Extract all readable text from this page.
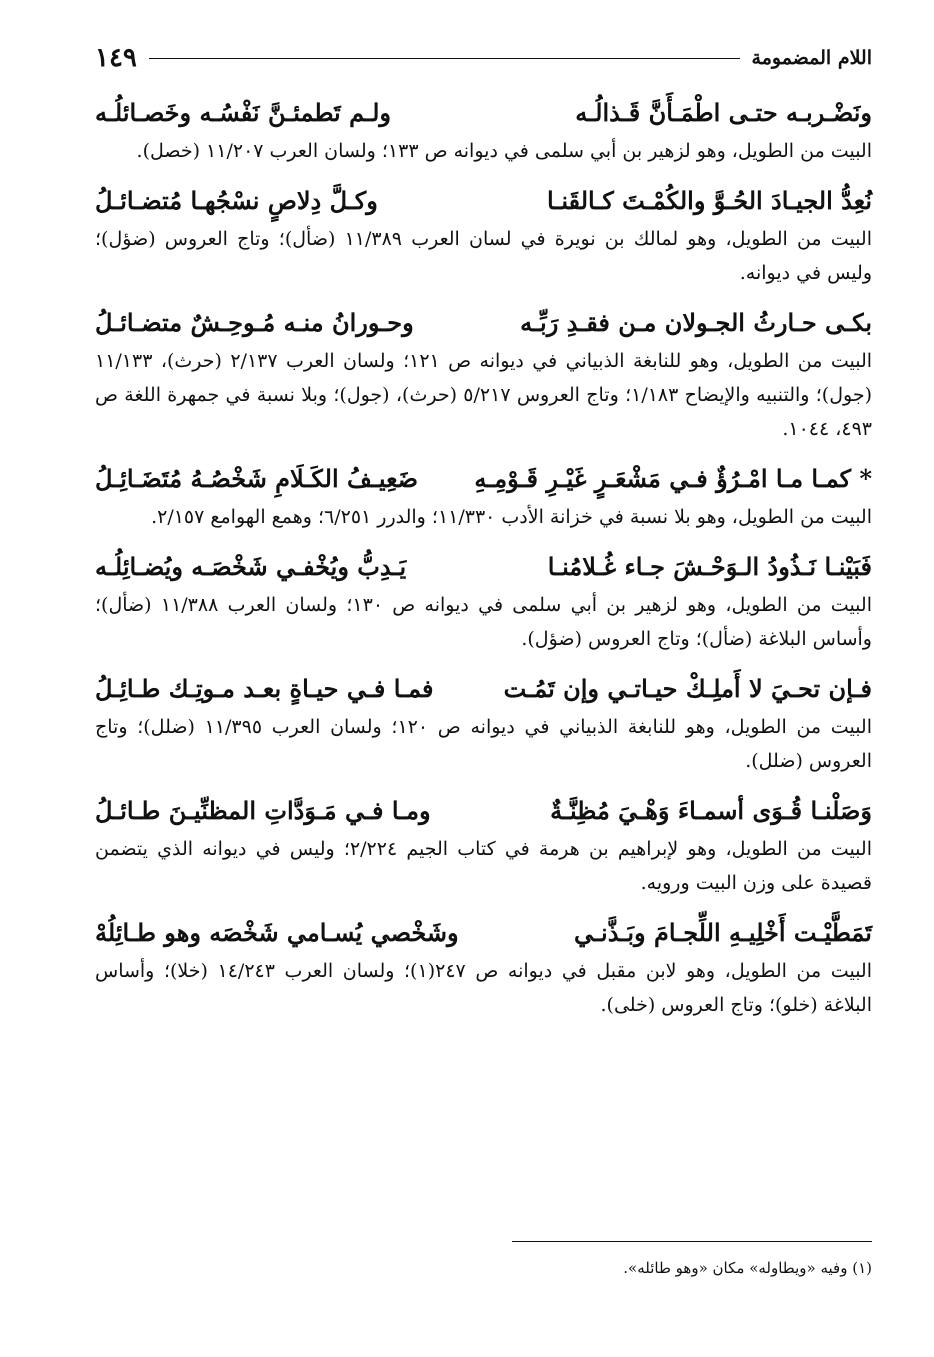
اللام المضمومة
١٤٩
ونَضْـربـه حتـى اطْمَـأَنَّ قَـذالُـه
ولـم تَطمئـنَّ نَفْسُـه وخَصـائلُـه
البيت من الطويل، وهو لزهير بن أبي سلمى في ديوانه ص ١٣٣؛ ولسان العرب ١١/٢٠٧ (خصل).
نُعِدُّ الجيـادَ الحُـوَّ والكُمْـتَ كـالقَنـا
وكـلَّ دِلاصٍ نسْجُهـا مُتضـائـلُ
البيت من الطويل، وهو لمالك بن نويرة في لسان العرب ١١/٣٨٩ (ضأل)؛ وتاج العروس (ضؤل)؛ وليس في ديوانه.
بكـى حـارثُ الجـولان مـن فقـدِ رَبِّـه
وحـورانُ منـه مُـوحِـشٌ متضـائـلُ
البيت من الطويل، وهو للنابغة الذبياني في ديوانه ص ١٢١؛ ولسان العرب ٢/١٣٧ (حرث)، ١١/١٣٣ (جول)؛ والتنبيه والإيضاح ١/١٨٣؛ وتاج العروس ٥/٢١٧ (حرث)، (جول)؛ وبلا نسبة في جمهرة اللغة ص ٤٩٣، ١٠٤٤.
* كمـا مـا امْـرُؤٌ فـي مَشْعَـرٍ غَيْـرِ قَـوْمِـهِ
ضَعِيـفُ الكَـلَامِ شَخْصُـهُ مُتَضَـائِـلُ
البيت من الطويل، وهو بلا نسبة في خزانة الأدب ١١/٣٣٠؛ والدرر ٦/٢٥١؛ وهمع الهوامع ٢/١٥٧.
فَبَيْنـا نَـذُودُ الـوَحْـشَ جـاء غُـلامُنـا
يَـدِبُّ ويُخْفـي شَخْصَـه ويُضـائِلُـه
البيت من الطويل، وهو لزهير بن أبي سلمى في ديوانه ص ١٣٠؛ ولسان العرب ١١/٣٨٨ (ضأل)؛ وأساس البلاغة (ضأل)؛ وتاج العروس (ضؤل).
فـإن تحـيَ لا أَملِـكْ حيـاتـي وإن تَمُـت
فمـا فـي حيـاةٍ بعـد مـوتِـك طـائِـلُ
البيت من الطويل، وهو للنابغة الذبياني في ديوانه ص ١٢٠؛ ولسان العرب ١١/٣٩٥ (ضلل)؛ وتاج العروس (ضلل).
وَصَلْنـا قُـوَى أسمـاءَ وَهْـيَ مُظِنَّـةٌ
ومـا فـي مَـوَدَّاتِ المظنِّيـنَ طـائـلُ
البيت من الطويل، وهو لإبراهيم بن هرمة في كتاب الجيم ٢/٢٢٤؛ وليس في ديوانه الذي يتضمن قصيدة على وزن البيت ورويه.
تَمَطَّيْـت أَخْلِيـهِ اللِّجـامَ وبَـذَّنـي
وشَخْصي يُسـامي شَخْصَه وهو طـائِلُهْ
البيت من الطويل، وهو لابن مقبل في ديوانه ص ٢٤٧(١)؛ ولسان العرب ١٤/٢٤٣ (خلا)؛ وأساس البلاغة (خلو)؛ وتاج العروس (خلى).
(١) وفيه «ويطاوله» مكان «وهو طائله».
